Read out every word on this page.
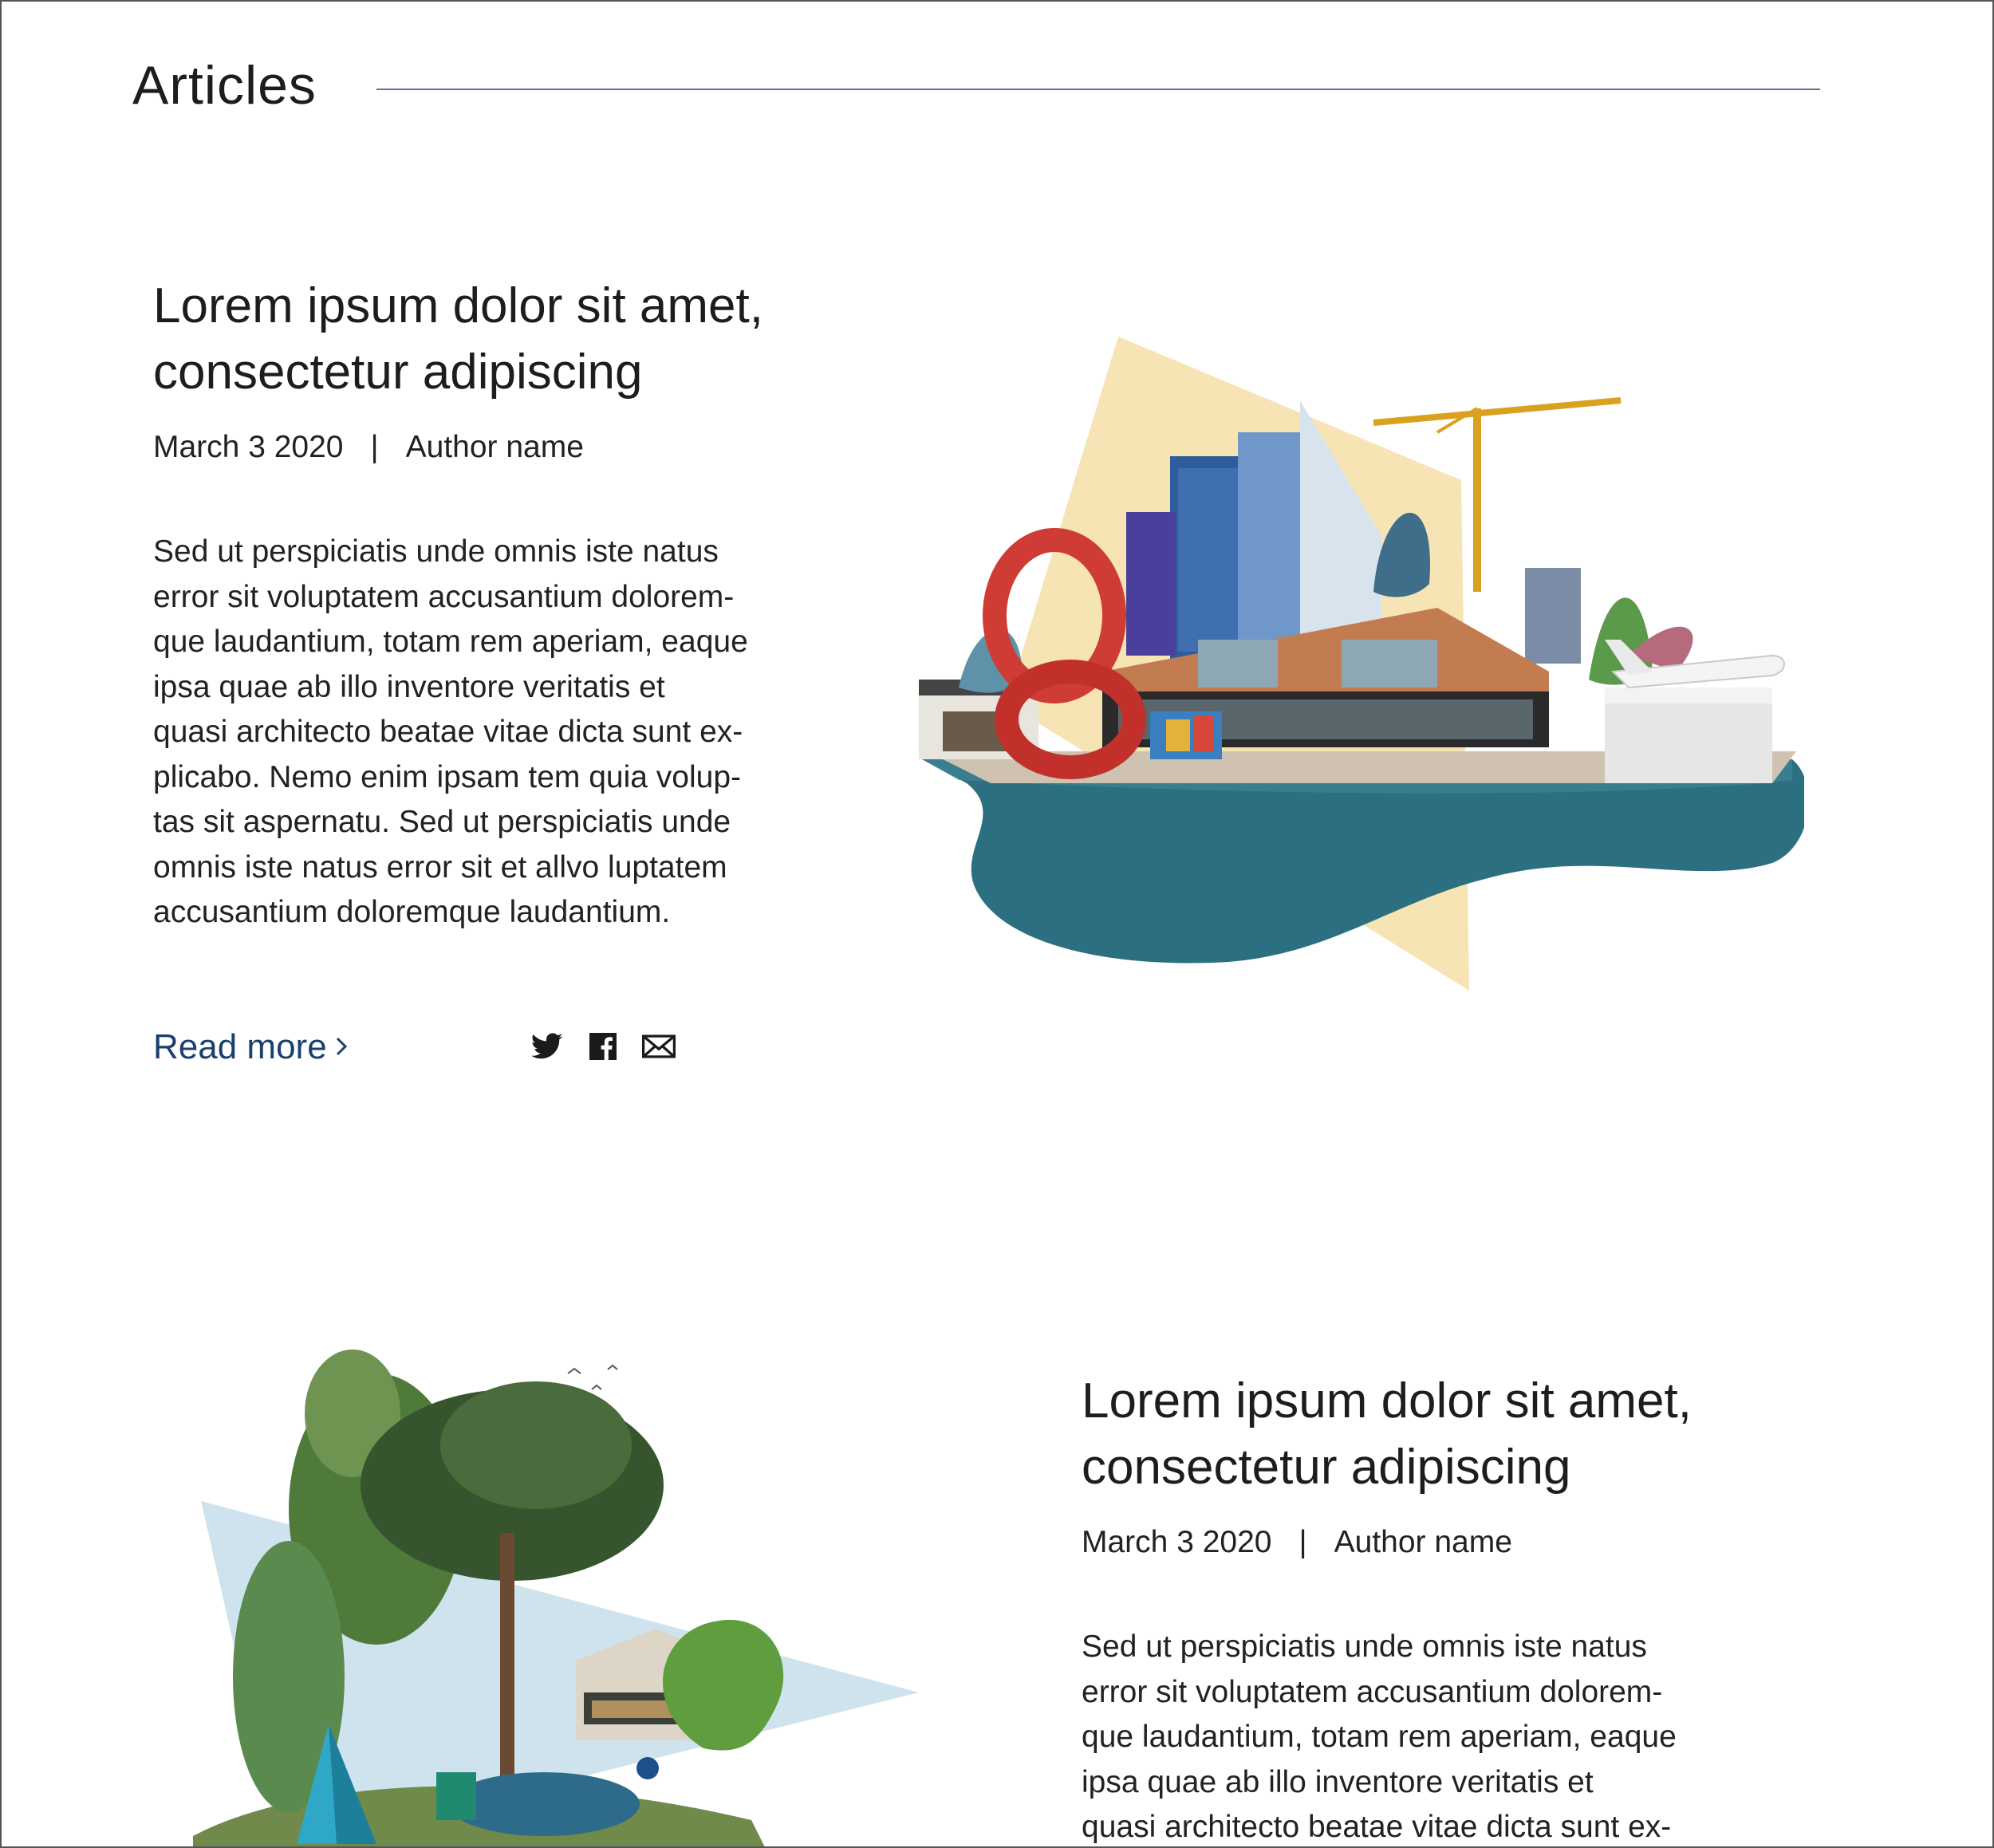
Articles
Lorem ipsum dolor sit amet,
consectetur adipiscing
March 3 2020 | Author name
Sed ut perspiciatis unde omnis iste natus
error sit voluptatem accusantium dolorem-
que laudantium, totam rem aperiam, eaque
ipsa quae ab illo inventore veritatis et
quasi architecto beatae vitae dicta sunt ex-
plicabo. Nemo enim ipsam tem quia volup-
tas sit aspernatu. Sed ut perspiciatis unde
omnis iste natus error sit et allvo luptatem
accusantium doloremque laudantium.
Read more
Lorem ipsum dolor sit amet,
consectetur adipiscing
March 3 2020 | Author name
Sed ut perspiciatis unde omnis iste natus
error sit voluptatem accusantium dolorem-
que laudantium, totam rem aperiam, eaque
ipsa quae ab illo inventore veritatis et
quasi architecto beatae vitae dicta sunt ex-
